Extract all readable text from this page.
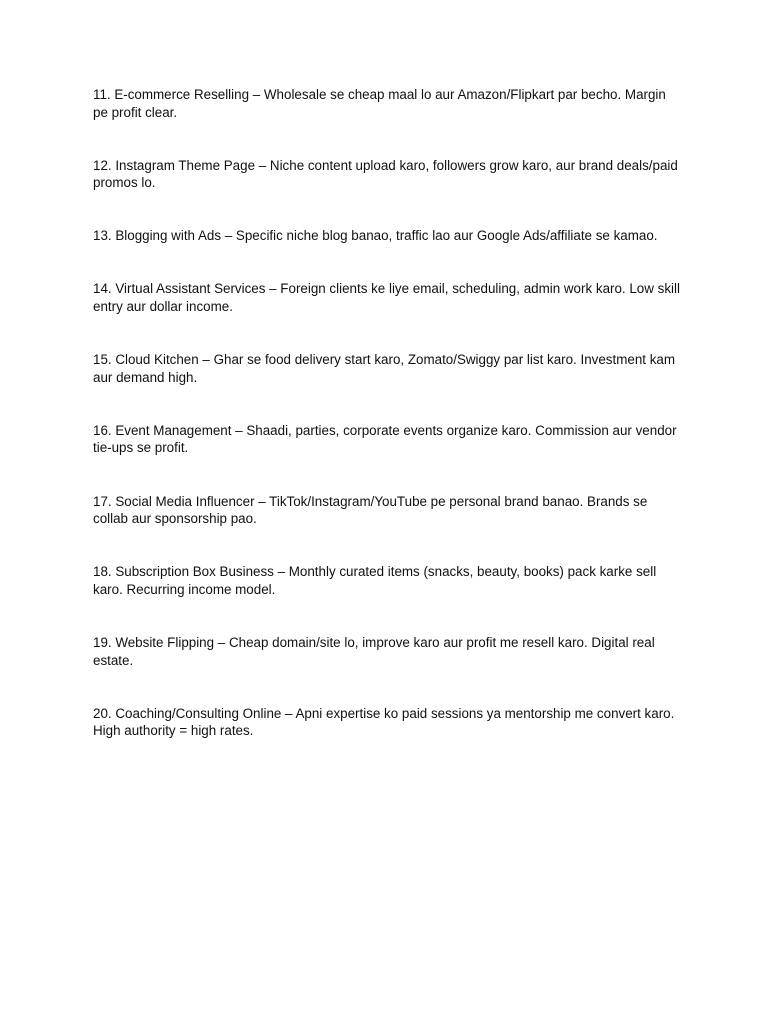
11. E-commerce Reselling – Wholesale se cheap maal lo aur Amazon/Flipkart par becho. Margin pe profit clear.

12. Instagram Theme Page – Niche content upload karo, followers grow karo, aur brand deals/paid promos lo.

13. Blogging with Ads – Specific niche blog banao, traffic lao aur Google Ads/affiliate se kamao.

14. Virtual Assistant Services – Foreign clients ke liye email, scheduling, admin work karo. Low skill entry aur dollar income.

15. Cloud Kitchen – Ghar se food delivery start karo, Zomato/Swiggy par list karo. Investment kam aur demand high.

16. Event Management – Shaadi, parties, corporate events organize karo. Commission aur vendor tie-ups se profit.

17. Social Media Influencer – TikTok/Instagram/YouTube pe personal brand banao. Brands se collab aur sponsorship pao.

18. Subscription Box Business – Monthly curated items (snacks, beauty, books) pack karke sell karo. Recurring income model.

19. Website Flipping – Cheap domain/site lo, improve karo aur profit me resell karo. Digital real estate.

20. Coaching/Consulting Online – Apni expertise ko paid sessions ya mentorship me convert karo. High authority = high rates.
